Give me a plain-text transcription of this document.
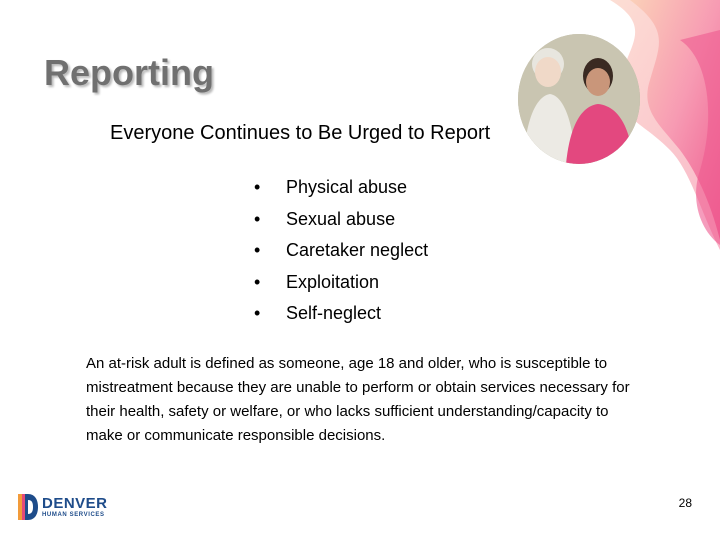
Reporting
Everyone Continues to Be Urged to Report
•	Physical abuse
•	Sexual abuse
•	Caretaker neglect
•	Exploitation
•	Self-neglect

An at-risk adult is defined as someone, age 18 and older, who is susceptible to mistreatment because they are unable to perform or obtain services necessary for their health, safety or welfare, or who lacks sufficient understanding/capacity to make or communicate responsible decisions.

DENVER
HUMAN SERVICES
28
